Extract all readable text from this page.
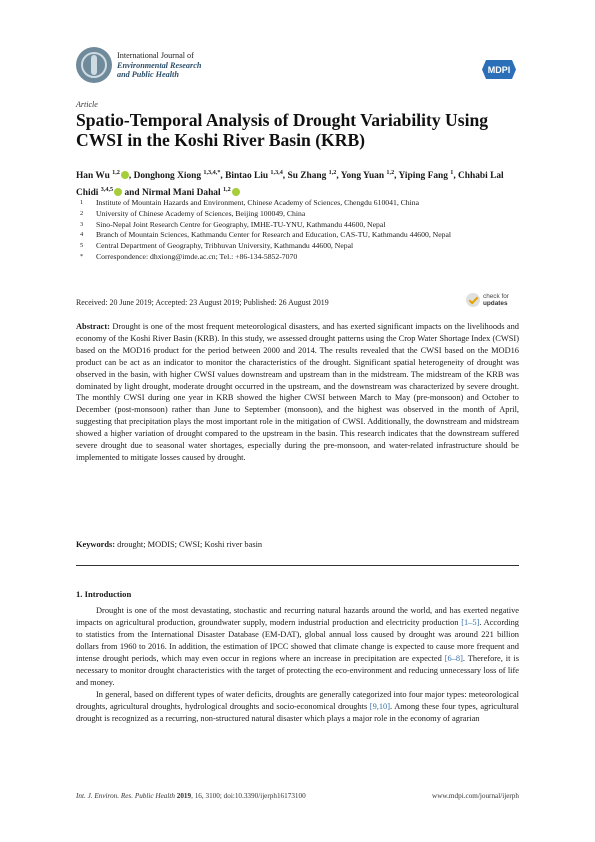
International Journal of
Environmental Research
and Public Health	MDPI
Article
Spatio-Temporal Analysis of Drought Variability Using CWSI in the Koshi River Basin (KRB)
Han Wu $^{1,2}$ , Donghong Xiong $^{1,3,4,*}$, Bintao Liu $^{1,3,4}$, Su Zhang $^{1,2}$, Yong Yuan $^{1,2}$, Yiping Fang $^1$, Chhabi Lal Chidi $^{3,4,5}$ and Nirmal Mani Dahal $^{1,2}$
1	Institute of Mountain Hazards and Environment, Chinese Academy of Sciences, Chengdu 610041, China
2	University of Chinese Academy of Sciences, Beijing 100049, China
3	Sino-Nepal Joint Research Centre for Geography, IMHE-TU-YNU, Kathmandu 44600, Nepal
4	Branch of Mountain Sciences, Kathmandu Center for Research and Education, CAS-TU, Kathmandu 44600, Nepal
5	Central Department of Geography, Tribhuvan University, Kathmandu 44600, Nepal
*	Correspondence: dhxiong@imde.ac.cn; Tel.: +86-134-5852-7070
Received: 20 June 2019; Accepted: 23 August 2019; Published: 26 August 2019
check for
updates
Abstract: Drought is one of the most frequent meteorological disasters, and has exerted significant impacts on the livelihoods and economy of the Koshi River Basin (KRB). In this study, we assessed drought patterns using the Crop Water Shortage Index (CWSI) based on the MOD16 product for the period between 2000 and 2014. The results revealed that the CWSI based on the MOD16 product can be act as an indicator to monitor the characteristics of the drought. Significant spatial heterogeneity of drought was observed in the basin, with higher CWSI values downstream and upstream than in the midstream. The midstream of the KRB was dominated by light drought, moderate drought occurred in the upstream, and the downstream was characterized by severe drought. The monthly CWSI during one year in KRB showed the higher CWSI between March to May (pre-monsoon) and October to December (post-monsoon) rather than June to September (monsoon), and the highest was observed in the month of April, suggesting that precipitation plays the most important role in the mitigation of CWSI. Additionally, the downstream and midstream showed a higher variation of drought compared to the upstream in the basin. This research indicates that the downstream suffered severe drought due to seasonal water shortages, especially during the pre-monsoon, and water-related infrastructure should be implemented to mitigate losses caused by drought.
Keywords: drought; MODIS; CWSI; Koshi river basin
1. Introduction

Drought is one of the most devastating, stochastic and recurring natural hazards around the world, and has exerted negative impacts on agricultural production, groundwater supply, modern industrial production and electricity production [1–5]. According to statistics from the International Disaster Database (EM-DAT), global annual loss caused by drought was around 221 billion dollars from 1960 to 2016. In addition, the estimation of IPCC showed that climate change is expected to cause more frequent and intense drought periods, which may even occur in regions where an increase in precipitation are expected [6–8]. Therefore, it is necessary to monitor drought characteristics with the target of protecting the eco-environment and reducing unnecessary loss of life and money.

In general, based on different types of water deficits, droughts are generally categorized into four major types: meteorological droughts, agricultural droughts, hydrological droughts and socio-economical droughts [9,10]. Among these four types, agricultural drought is recognized as a recurring, non-structured natural disaster which plays a major role in the economy of agrarian

Int. J. Environ. Res. Public Health 2019, 16, 3100; doi:10.3390/ijerph16173100	www.mdpi.com/journal/ijerph
